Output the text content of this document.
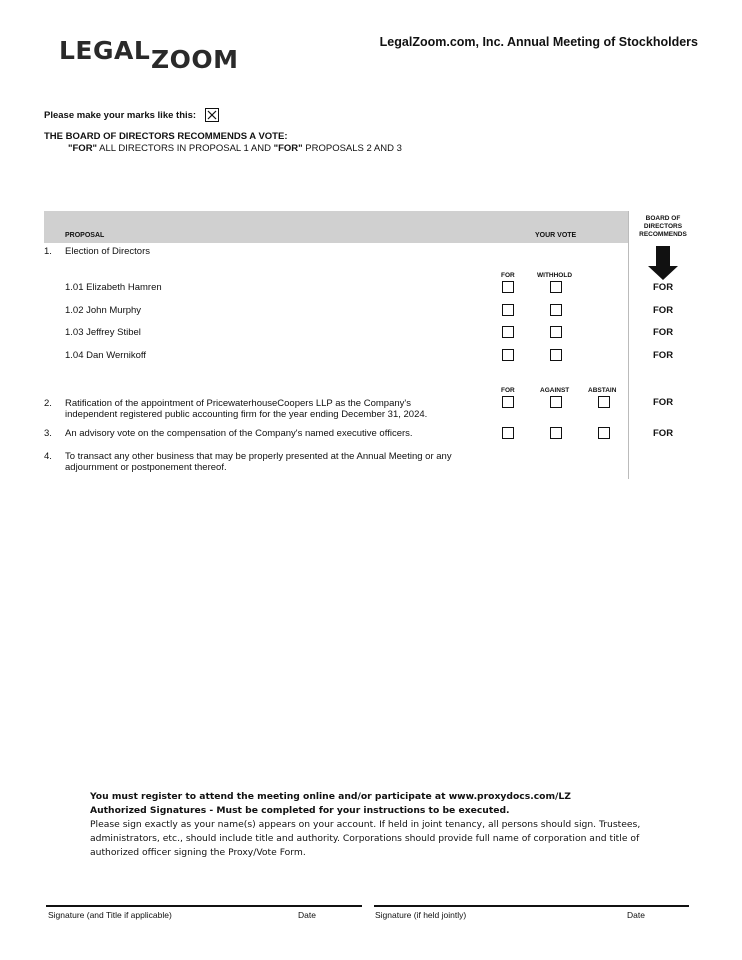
LEGAL ZOOM
LegalZoom.com, Inc. Annual Meeting of Stockholders
Please make your marks like this:
THE BOARD OF DIRECTORS RECOMMENDS A VOTE:
"FOR" ALL DIRECTORS IN PROPOSAL 1 AND "FOR" PROPOSALS 2 AND 3
PROPOSAL	YOUR VOTE
BOARD OF DIRECTORS RECOMMENDS
1. Election of Directors
FOR	WITHHOLD
1.01 Elizabeth Hamren	FOR
1.02 John Murphy	FOR
1.03 Jeffrey Stibel	FOR
1.04 Dan Wernikoff	FOR
FOR	AGAINST	ABSTAIN
2. Ratification of the appointment of PricewaterhouseCoopers LLP as the Company's
independent registered public accounting firm for the year ending December 31, 2024.
FOR
3. An advisory vote on the compensation of the Company's named executive officers.	FOR
4. To transact any other business that may be properly presented at the Annual Meeting or any
adjournment or postponement thereof.
You must register to attend the meeting online and/or participate at www.proxydocs.com/LZ
Authorized Signatures - Must be completed for your instructions to be executed.
Please sign exactly as your name(s) appears on your account. If held in joint tenancy, all persons should sign. Trustees, administrators, etc., should include title and authority. Corporations should provide full name of corporation and title of authorized officer signing the Proxy/Vote Form.
Signature (and Title if applicable)	Date	Signature (if held jointly)	Date
